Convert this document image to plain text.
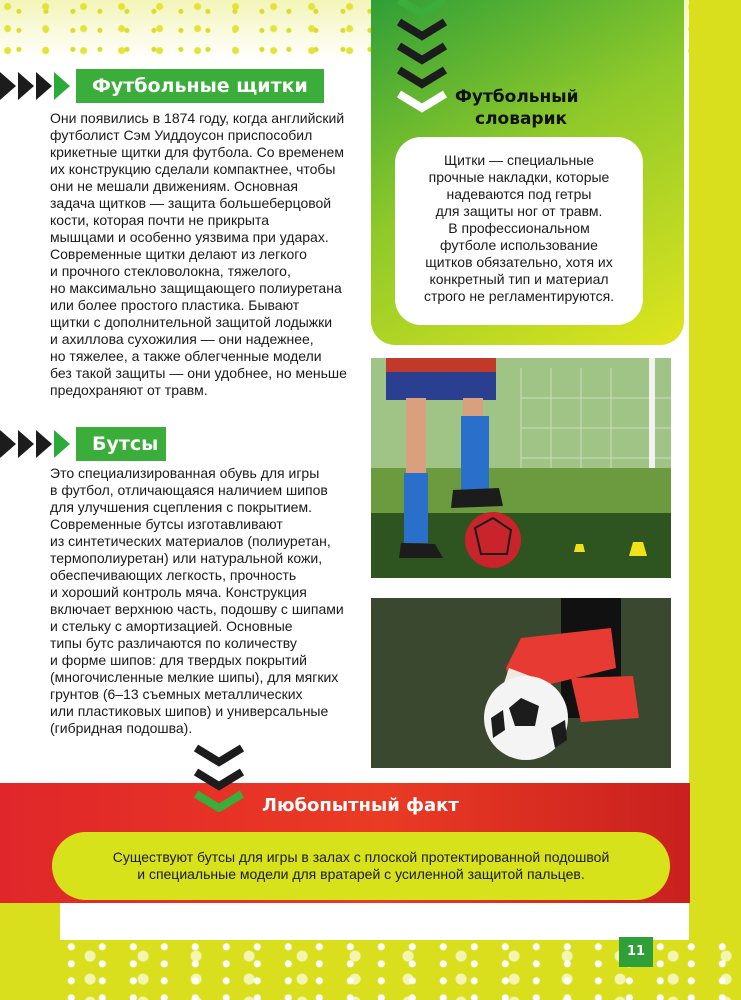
Футбольные щитки
Они появились в 1874 году, когда английский
футболист Сэм Уиддоусон приспособил
крикетные щитки для футбола. Со временем
их конструкцию сделали компактнее, чтобы
они не мешали движениям. Основная
задача щитков — защита большеберцовой
кости, которая почти не прикрыта
мышцами и особенно уязвима при ударах.
Современные щитки делают из легкого
и прочного стекловолокна, тяжелого,
но максимально защищающего полиуретана
или более простого пластика. Бывают
щитки с дополнительной защитой лодыжки
и ахиллова сухожилия — они надежнее,
но тяжелее, а также облегченные модели
без такой защиты — они удобнее, но меньше
предохраняют от травм.
Бутсы
Это специализированная обувь для игры
в футбол, отличающаяся наличием шипов
для улучшения сцепления с покрытием.
Современные бутсы изготавливают
из синтетических материалов (полиуретан,
термополиуретан) или натуральной кожи,
обеспечивающих легкость, прочность
и хороший контроль мяча. Конструкция
включает верхнюю часть, подошву с шипами
и стельку с амортизацией. Основные
типы бутс различаются по количеству
и форме шипов: для твердых покрытий
(многочисленные мелкие шипы), для мягких
грунтов (6–13 съемных металлических
или пластиковых шипов) и универсальные
(гибридная подошва).
Футбольный
словарик
Щитки — специальные
прочные накладки, которые
надеваются под гетры
для защиты ног от травм.
В профессиональном
футболе использование
щитков обязательно, хотя их
конкретный тип и материал
строго не регламентируются.
Любопытный факт
Существуют бутсы для игры в залах с плоской протектированной подошвой
и специальные модели для вратарей с усиленной защитой пальцев.
11
